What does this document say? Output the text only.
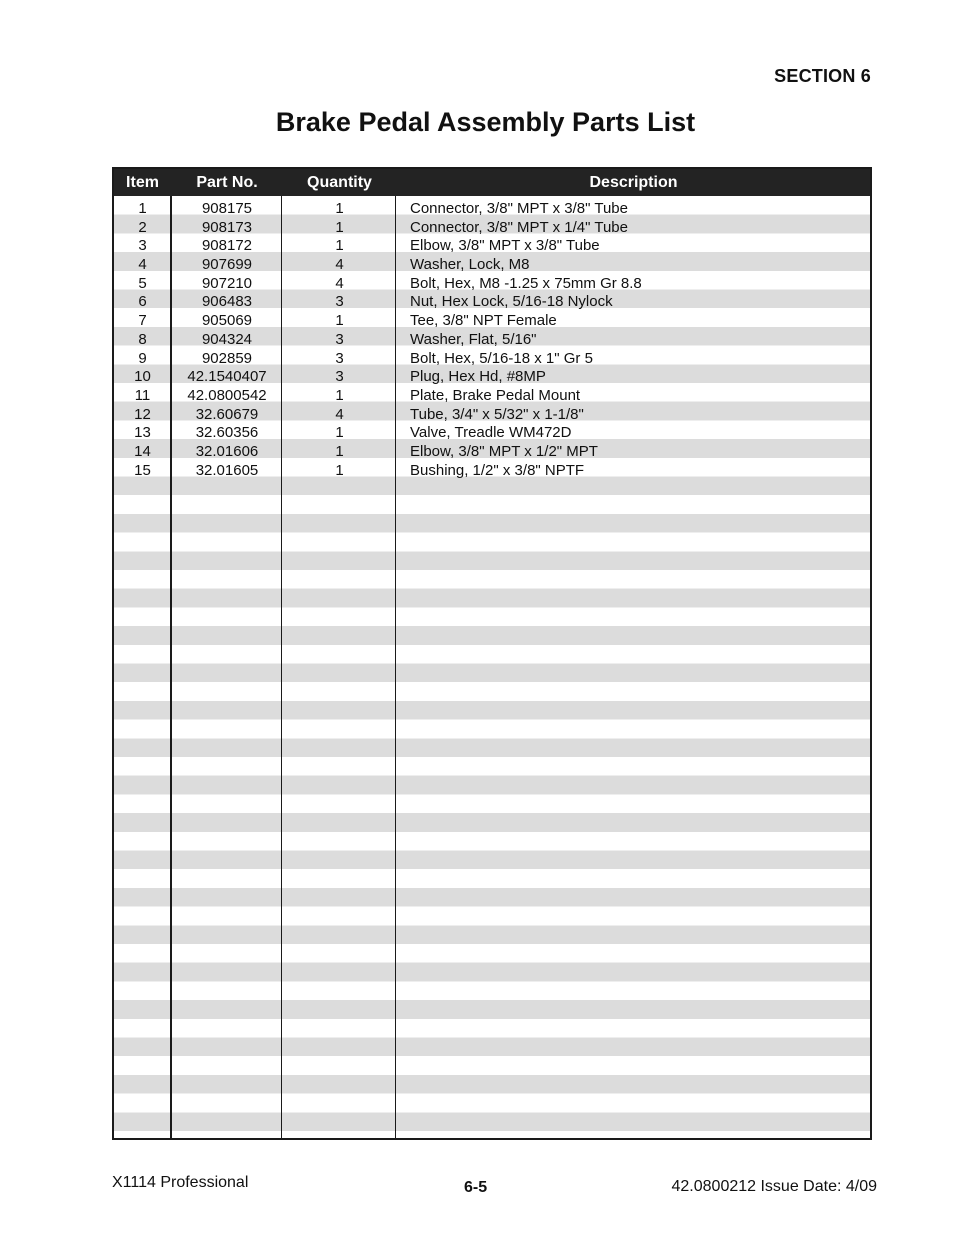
SECTION 6
Brake Pedal Assembly Parts List
Item	Part No.	Quantity	Description
1	908175	1	Connector, 3/8" MPT x 3/8" Tube
2	908173	1	Connector, 3/8" MPT x 1/4" Tube
3	908172	1	Elbow, 3/8" MPT x 3/8" Tube
4	907699	4	Washer, Lock, M8
5	907210	4	Bolt, Hex, M8 -1.25 x 75mm Gr 8.8
6	906483	3	Nut, Hex Lock, 5/16-18 Nylock
7	905069	1	Tee, 3/8" NPT Female
8	904324	3	Washer, Flat, 5/16"
9	902859	3	Bolt, Hex, 5/16-18 x 1" Gr 5
10	42.1540407	3	Plug, Hex Hd, #8MP
11	42.0800542	1	Plate, Brake Pedal Mount
12	32.60679	4	Tube, 3/4" x 5/32" x 1-1/8"
13	32.60356	1	Valve, Treadle WM472D
14	32.01606	1	Elbow, 3/8" MPT x 1/2" MPT
15	32.01605	1	Bushing, 1/2" x 3/8" NPTF
X1114 Professional	6-5	42.0800212 Issue Date: 4/09
